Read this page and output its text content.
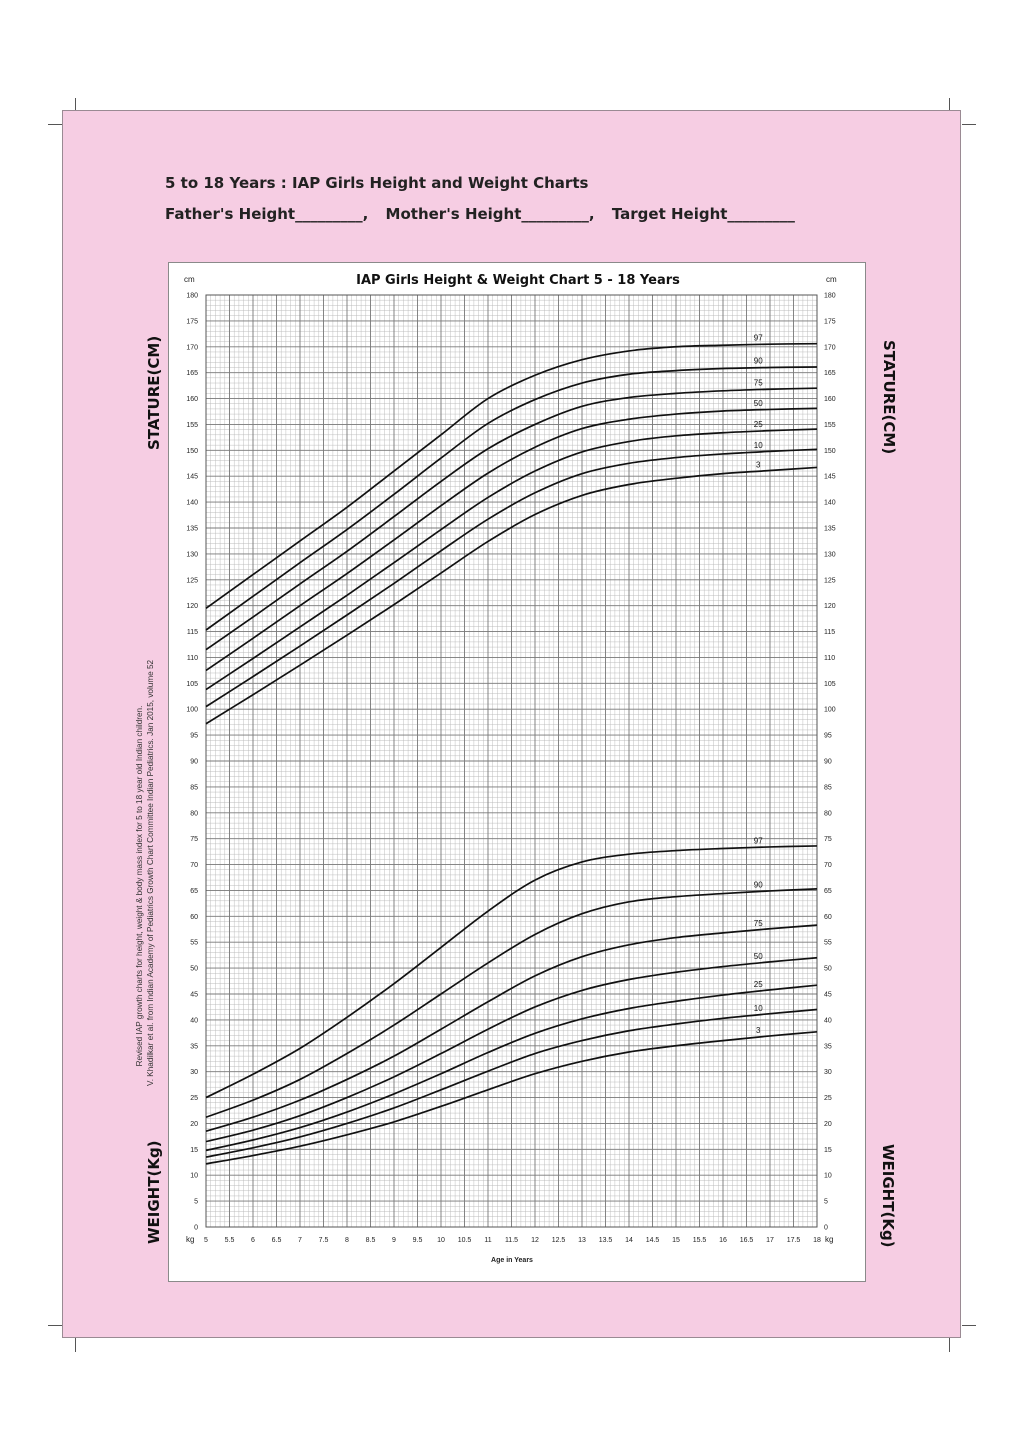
5 to 18 Years : IAP Girls Height and Weight Charts
Father's Height_________, Mother's Height_________, Target Height_________
STATURE(CM)	STATURE(CM)
WEIGHT(Kg)	WEIGHT(Kg)
Revised IAP growth charts for height, weight & body mass index for 5 to 18 year old Indian children. V. Khadilkar et al. from Indian Academy of Pediatrics Growth Chart Committee Indian Pediatrics. Jan 2015, volume 52
97
90
75
50
25
10
3
97
90
75
50
25
10
3
0	0
5	5
10	10
15	15
20	20
25	25
30	30
35	35
40	40
45	45
50	50
55	55
60	60
65	65
70	70
75	75
80	80
85	85
90	90
95	95
100	100
105	105
110	110
115	115
120	120
125	125
130	130
135	135
140	140
145	145
150	150
155	155
160	160
165	165
170	170
175	175
180	180
5 5.5 6 6.5 7 7.5 8 8.5 9 9.5 10 10.5 11 11.5 12 12.5 13 13.5 14 14.5 15 15.5 16 16.5 17 17.5 18
IAP Girls Height & Weight Chart 5 - 18 Years
cm	cm
kg	kg
Age in Years
